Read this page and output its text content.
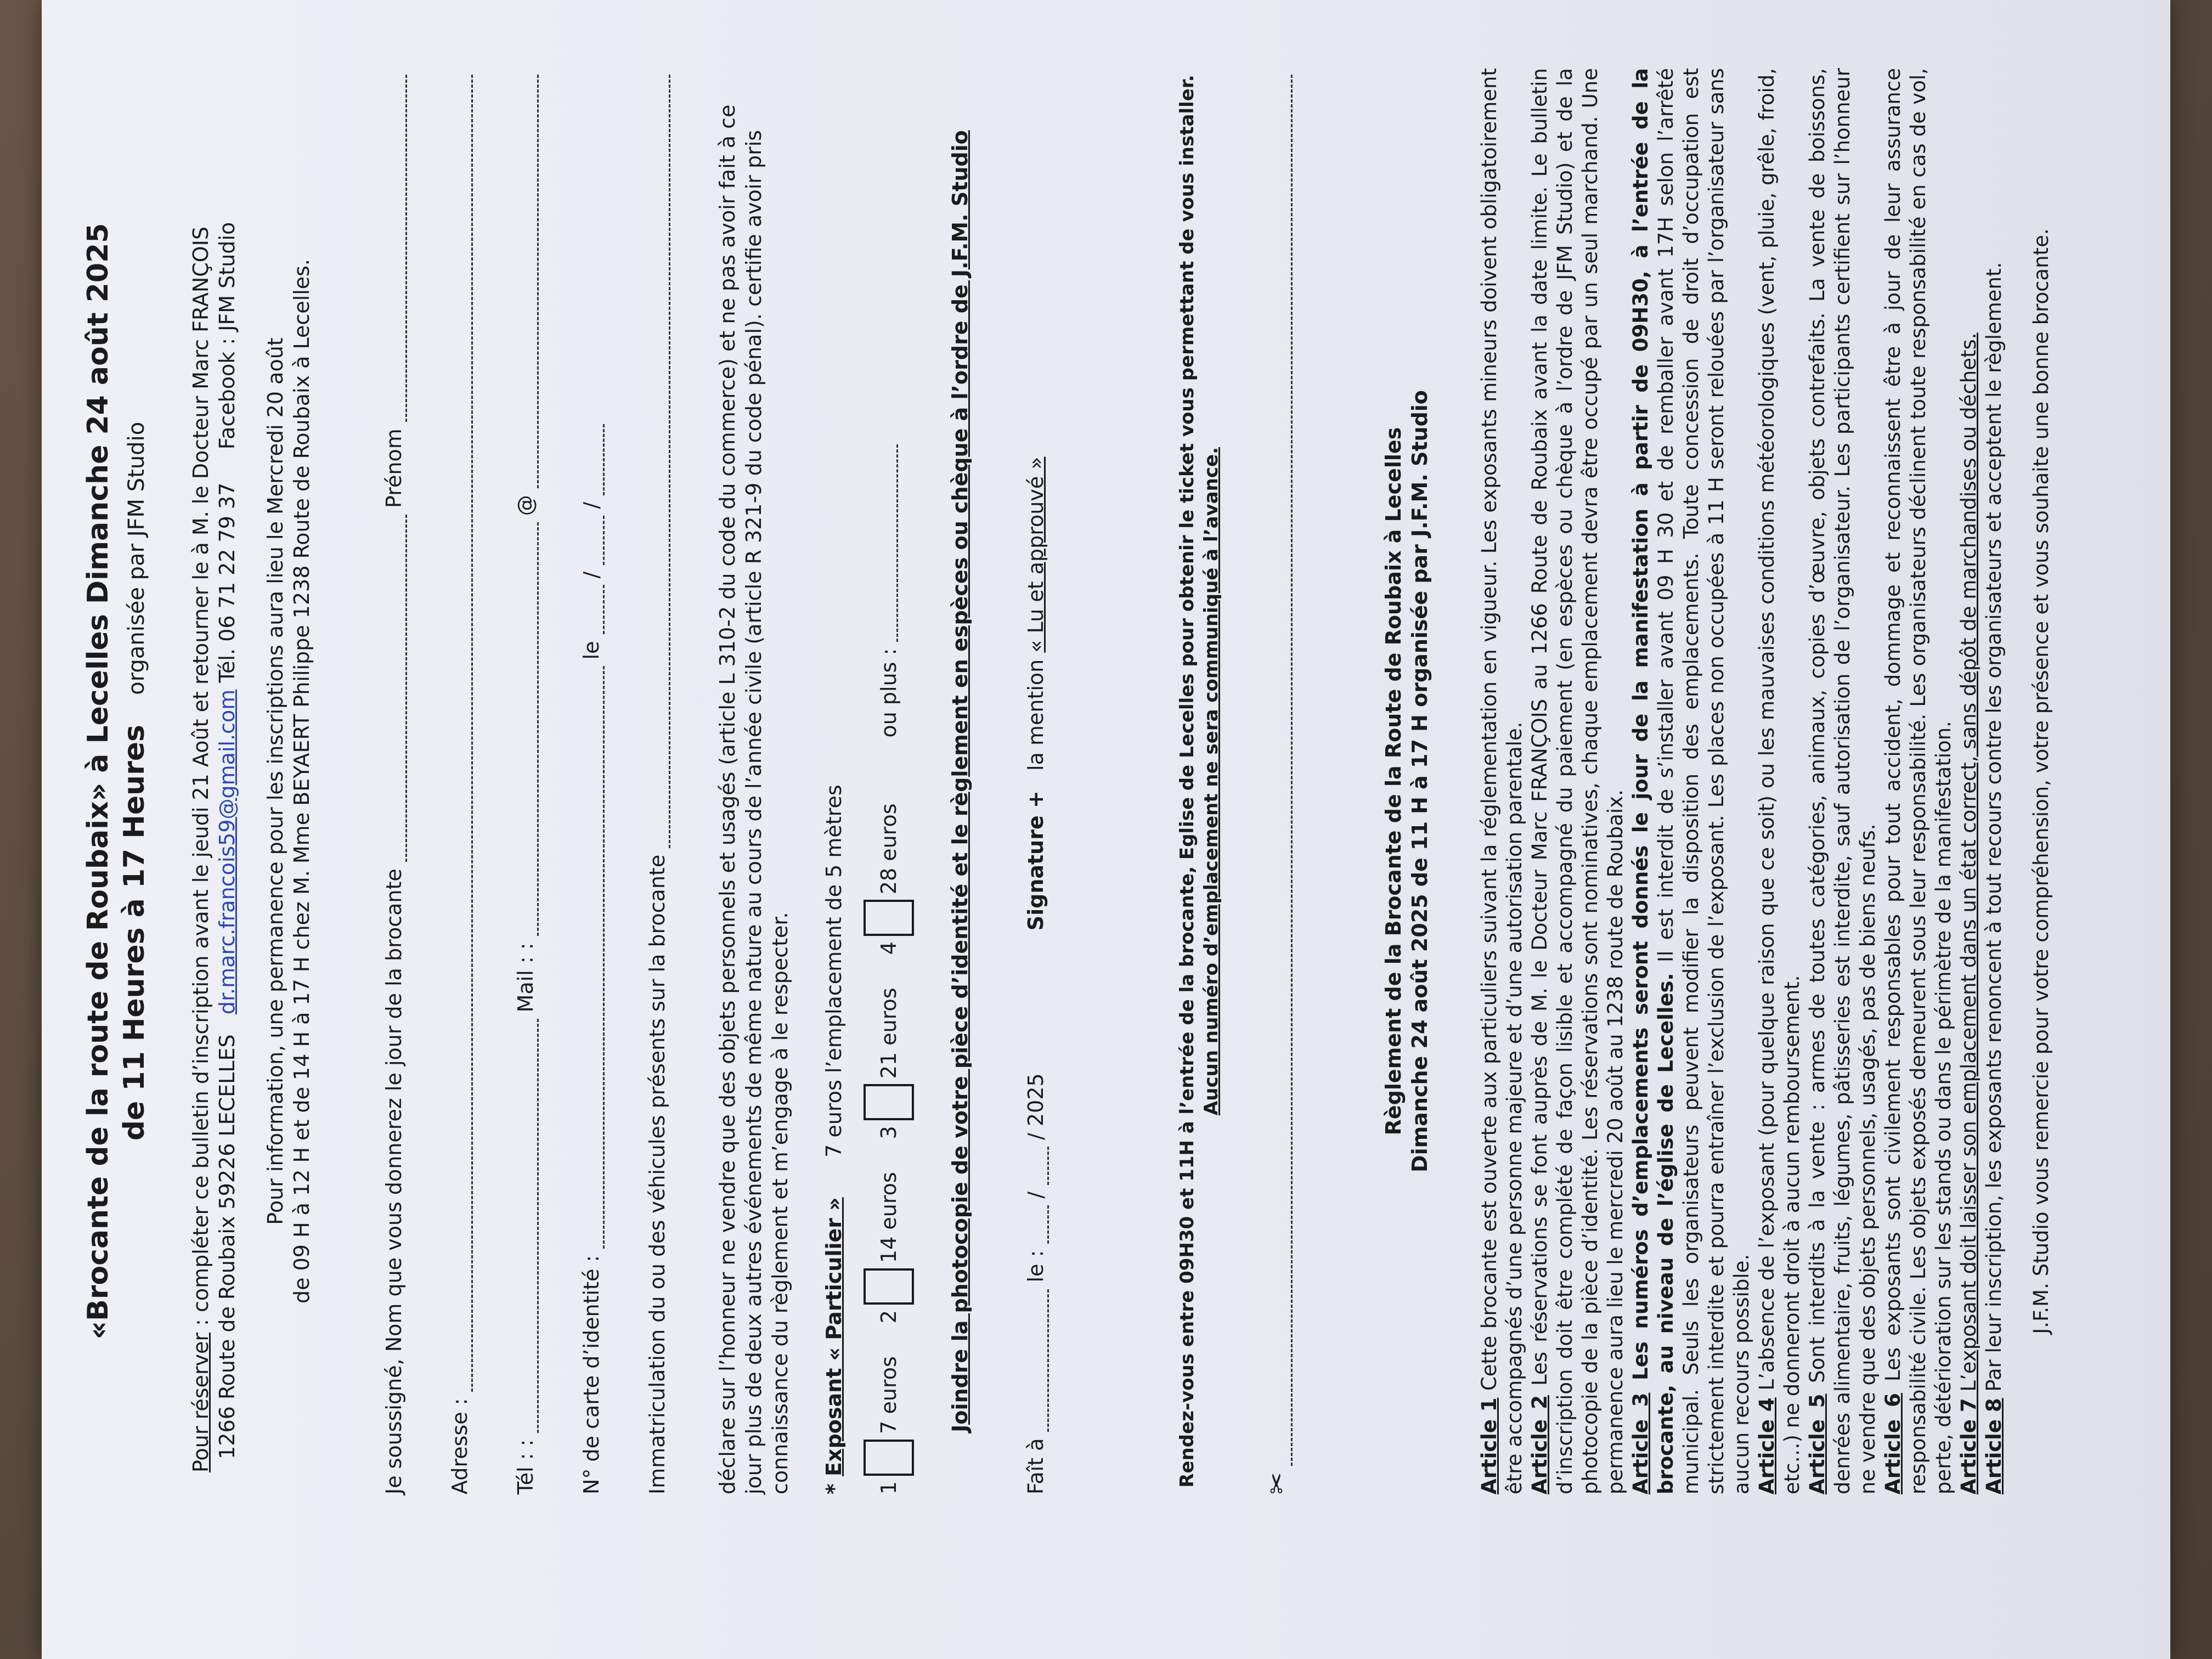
«Brocante de la route de Roubaix» à Lecelles Dimanche 24 août 2025 de 11 Heures à 17 Heures   organisée par JFM Studio

Pour réserver : compléter ce bulletin d’inscription avant le jeudi 21 Août et retourner le à M. le Docteur Marc FRANÇOIS 1266 Route de Roubaix 59226 LECELLES   dr.marc.francois59@gmail.com Tél. 06 71 22 79 37     Facebook : JFM Studio

Pour information, une permanence pour les inscriptions aura lieu le Mercredi 20 août de 09 H à 12 H et de 14 H à 17 H chez M. Mme BEYAERT Philippe 1238 Route de Roubaix à Lecelles.	Je soussigné, Nom que vous donnerez le jour de la brocante
Prénom
Adresse : Tél : :
Mail : :
@
N° de carte d’identité :
le
/
/
Immatriculation du ou des véhicules présents sur la brocante déclare sur l’honneur ne vendre que des objets personnels et usagés (article L 310-2 du code du commerce) et ne pas avoir fait à ce jour plus de deux autres événements de même nature au cours de l’année civile (article R 321-9 du code pénal). certifie avoir pris connaissance du règlement et m’engage à le respecter. * Exposant « Particulier »      7 euros l’emplacement de 5 mètres
1
7 euros
2
14 euros
3
21 euros
4
28 euros
ou plus : Joindre la photocopie de votre pièce d’identité et le règlement en espèces ou chèque à l’ordre de J.F.M. Studio

Faît à
le :
/
/ 2025
Signature +

la mention

« Lu et approuvé »	Rendez-vous entre 09H30 et 11H à l’entrée de la brocante, Eglise de Lecelles pour obtenir le ticket vous permettant de vous installer. Aucun numéro d’emplacement ne sera communiqué à l’avance.

✂

Règlement de la Brocante de la Route de Roubaix à Lecelles Dimanche 24 août 2025 de 11 H à 17 H organisée par J.F.M. Studio

Article 1 Cette brocante est ouverte aux particuliers suivant la réglementation en vigueur. Les exposants mineurs doivent obligatoirement être accompagnés d’une personne majeure et d’une autorisation parentale. Article 2 Les réservations se font auprès de M. le Docteur Marc FRANÇOIS au 1266 Route de Roubaix avant la date limite. Le bulletin d’inscription doit être complété de façon lisible et accompagné du paiement (en espèces ou chèque à l’ordre de JFM Studio) et de la photocopie de la pièce d’identité. Les réservations sont nominatives, chaque emplacement devra être occupé par un seul marchand. Une permanence aura lieu le mercredi 20 août au 1238 route de Roubaix. Article 3 Les numéros d’emplacements seront donnés le jour de la manifestation à partir de 09H30, à l’entrée de la brocante, au niveau de l’église de Lecelles. Il est interdit de s’installer avant 09 H 30 et de remballer avant 17H selon l’arrêté municipal. Seuls les organisateurs peuvent modifier la disposition des emplacements. Toute concession de droit d’occupation est strictement interdite et pourra entraîner l’exclusion de l’exposant. Les places non occupées à 11 H seront relouées par l’organisateur sans aucun recours possible. Article 4 L’absence de l’exposant (pour quelque raison que ce soit) ou les mauvaises conditions météorologiques (vent, pluie, grêle, froid, etc…) ne donneront droit à aucun remboursement. Article 5 Sont interdits à la vente : armes de toutes catégories, animaux, copies d’œuvre, objets contrefaits. La vente de boissons, denrées alimentaire, fruits, légumes, pâtisseries est interdite, sauf autorisation de l’organisateur. Les participants certifient sur l’honneur ne vendre que des objets personnels, usagés, pas de biens neufs. Article 6 Les exposants sont civilement responsables pour tout accident, dommage et reconnaissent être à jour de leur assurance responsabilité civile. Les objets exposés demeurent sous leur responsabilité. Les organisateurs déclinent toute responsabilité en cas de vol, perte, détérioration sur les stands ou dans le périmètre de la manifestation. Article 7 L’exposant doit laisser son emplacement dans un état correct, sans dépôt de marchandises ou déchets.

Article 8 Par leur inscription, les exposants renoncent à tout recours contre les organisateurs et acceptent le règlement. J.F.M. Studio vous remercie pour votre compréhension, votre présence et vous souhaite une bonne brocante.
